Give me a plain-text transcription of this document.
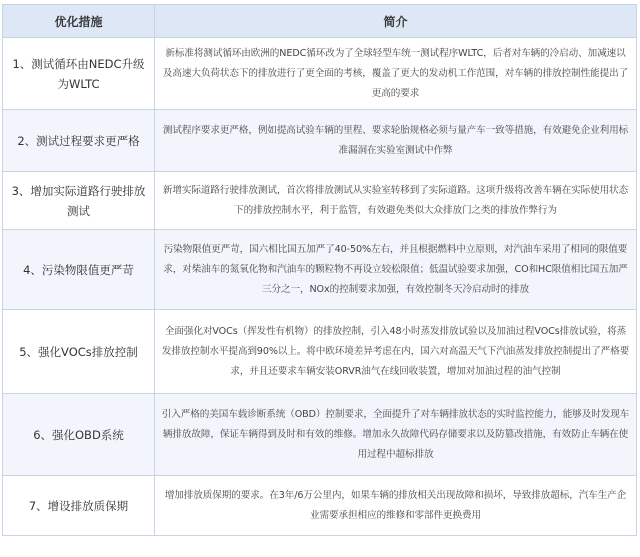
优化措施	简介
1、测试循环由NEDC升级为WLTC	新标准将测试循环由欧洲的NEDC循环改为了全球轻型车统一测试程序WLTC，后者对车辆的冷启动、加减速以及高速大负荷状态下的排放进行了更全面的考核，覆盖了更大的发动机工作范围，对车辆的排放控制性能提出了更高的要求
2、测试过程要求更严格	测试程序要求更严格，例如提高试验车辆的里程、要求轮胎规格必须与量产车一致等措施，有效避免企业利用标准漏洞在实验室测试中作弊
3、增加实际道路行驶排放测试	新增实际道路行驶排放测试，首次将排放测试从实验室转移到了实际道路。这项升级将改善车辆在实际使用状态下的排放控制水平，利于监管，有效避免类似大众排放门之类的排放作弊行为
4、污染物限值更严苛	污染物限值更严苛，国六相比国五加严了40-50%左右，并且根据燃料中立原则，对汽油车采用了相同的限值要求，对柴油车的氮氧化物和汽油车的颗粒物不再设立较松限值；低温试验要求加强，CO和HC限值相比国五加严三分之一，NOx的控制要求加强，有效控制冬天冷启动时的排放
5、强化VOCs排放控制	全面强化对VOCs（挥发性有机物）的排放控制，引入48小时蒸发排放试验以及加油过程VOCs排放试验，将蒸发排放控制水平提高到90%以上。将中欧环境差异考虑在内，国六对高温天气下汽油蒸发排放控制提出了严格要求，并且还要求车辆安装ORVR油气在线回收装置，增加对加油过程的油气控制
6、强化OBD系统	引入严格的美国车载诊断系统（OBD）控制要求，全面提升了对车辆排放状态的实时监控能力，能够及时发现车辆排放故障，保证车辆得到及时和有效的维修。增加永久故障代码存储要求以及防篡改措施，有效防止车辆在使用过程中超标排放
7、增设排放质保期	增加排放质保期的要求。在3年/6万公里内，如果车辆的排放相关出现故障和损坏，导致排放超标，汽车生产企业需要承担相应的维修和零部件更换费用
